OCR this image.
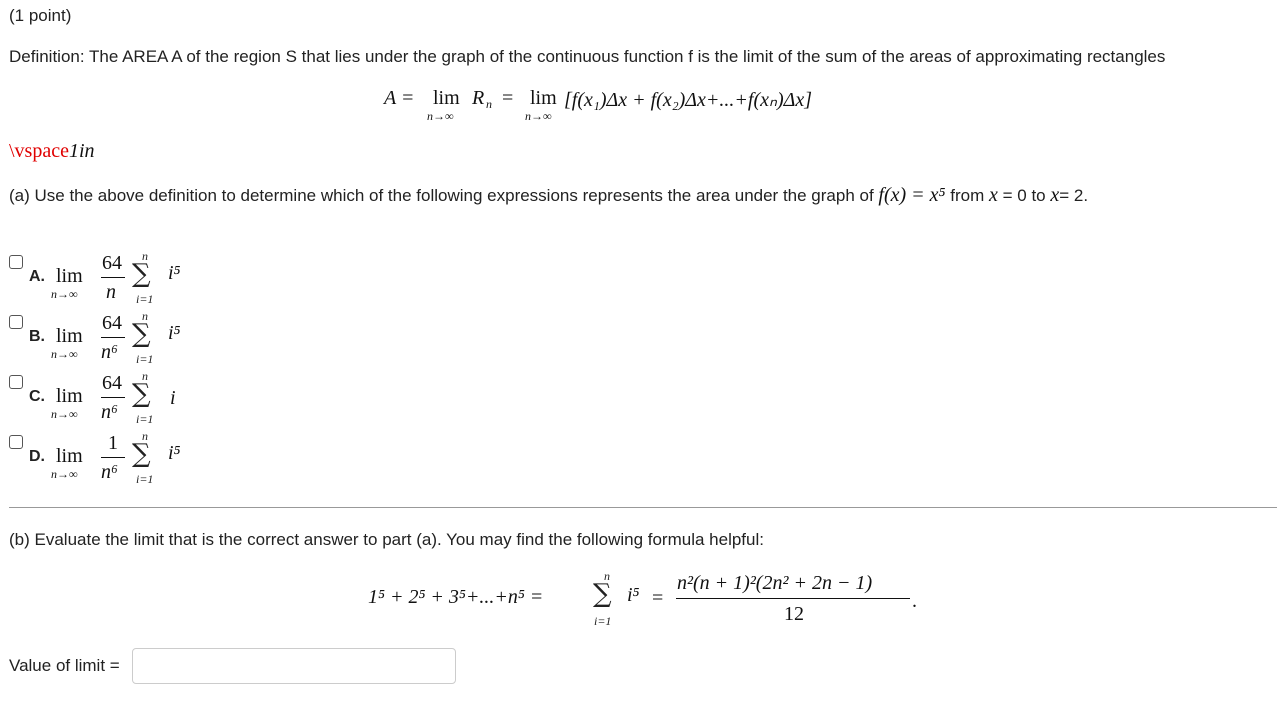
(1 point)
Definition: The AREA A of the region S that lies under the graph of the continuous function f is the limit of the sum of the areas of approximating rectangles
A = lim
n→∞
R n = lim
n→∞
[f(x₁)Δx + f(x₂)Δx+...+f(xₙ)Δx]
\vspace1in
(a) Use the above definition to determine which of the following expressions represents the area under the graph of f(x) = x⁵ from x = 0 to x= 2.
A. lim
n→∞
64
n
n
∑
i=1
i⁵
B. lim
n→∞
64
n⁶
n
∑
i=1
i⁵
C. lim
n→∞
64
n⁶
n
∑
i=1
i
D. lim
n→∞
1
n⁶
n
∑
i=1
i⁵
(b) Evaluate the limit that is the correct answer to part (a). You may find the following formula helpful:
1⁵ + 2⁵ + 3⁵+...+n⁵ =
n
∑
i=1
i⁵ =
n²(n + 1)²(2n² + 2n − 1)
12
.
Value of limit =
